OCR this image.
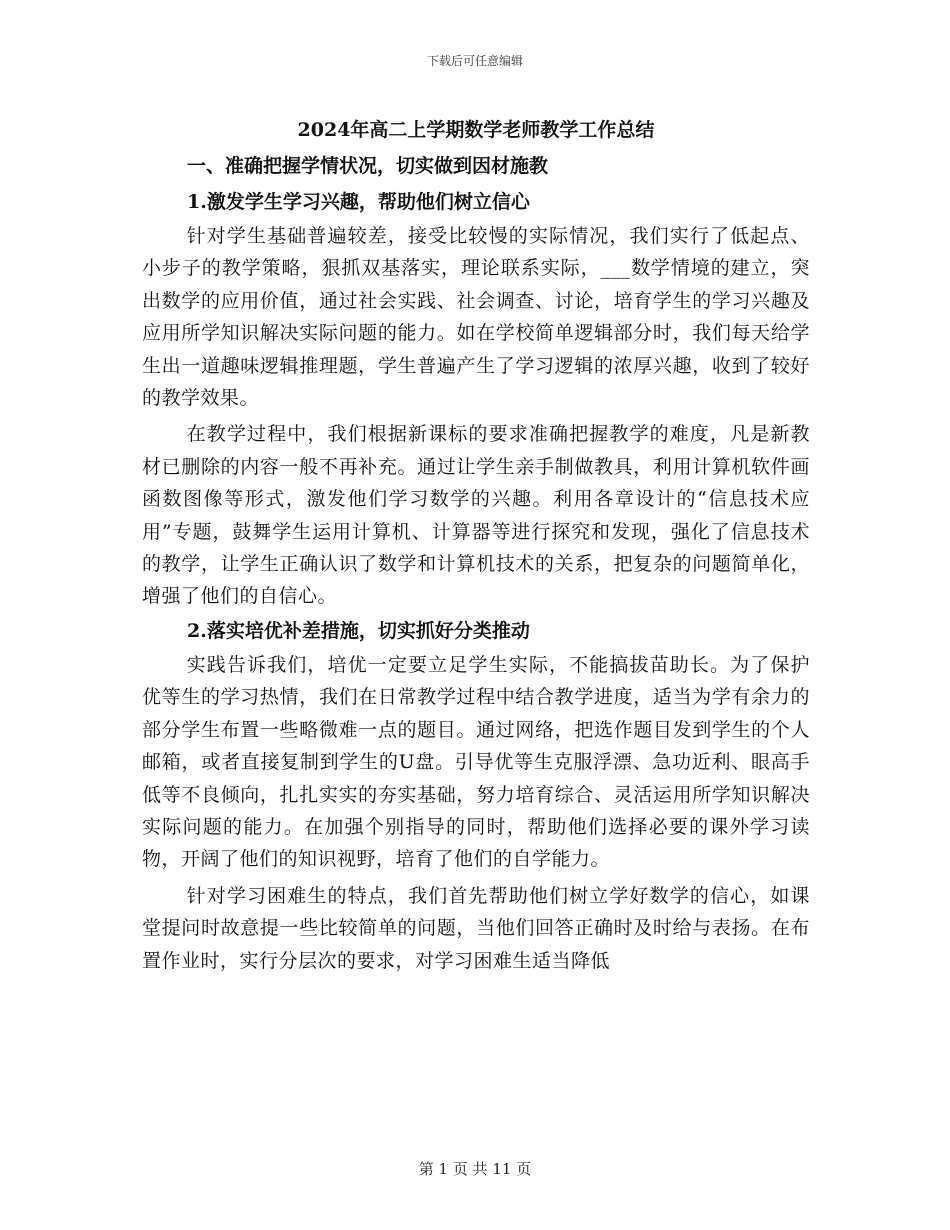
下载后可任意编辑
2024年高二上学期数学老师教学工作总结
一、准确把握学情状况，切实做到因材施教
1.激发学生学习兴趣，帮助他们树立信心

针对学生基础普遍较差，接受比较慢的实际情况，我们实行了低起点、小步子的教学策略，狠抓双基落实，理论联系实际，___数学情境的建立，突出数学的应用价值，通过社会实践、社会调查、讨论，培育学生的学习兴趣及应用所学知识解决实际问题的能力。如在学校简单逻辑部分时，我们每天给学生出一道趣味逻辑推理题，学生普遍产生了学习逻辑的浓厚兴趣，收到了较好的教学效果。

在教学过程中，我们根据新课标的要求准确把握教学的难度，凡是新教材已删除的内容一般不再补充。通过让学生亲手制做教具，利用计算机软件画函数图像等形式，激发他们学习数学的兴趣。利用各章设计的“信息技术应用”专题，鼓舞学生运用计算机、计算器等进行探究和发现，强化了信息技术的教学，让学生正确认识了数学和计算机技术的关系，把复杂的问题简单化，增强了他们的自信心。

2.落实培优补差措施，切实抓好分类推动

实践告诉我们，培优一定要立足学生实际，不能搞拔苗助长。为了保护优等生的学习热情，我们在日常教学过程中结合教学进度，适当为学有余力的部分学生布置一些略微难一点的题目。通过网络，把选作题目发到学生的个人邮箱，或者直接复制到学生的U盘。引导优等生克服浮漂、急功近利、眼高手低等不良倾向，扎扎实实的夯实基础，努力培育综合、灵活运用所学知识解决实际问题的能力。在加强个别指导的同时，帮助他们选择必要的课外学习读物，开阔了他们的知识视野，培育了他们的自学能力。

针对学习困难生的特点，我们首先帮助他们树立学好数学的信心，如课堂提问时故意提一些比较简单的问题，当他们回答正确时及时给与表扬。在布置作业时，实行分层次的要求，对学习困难生适当降低

第 1 页 共 11 页
